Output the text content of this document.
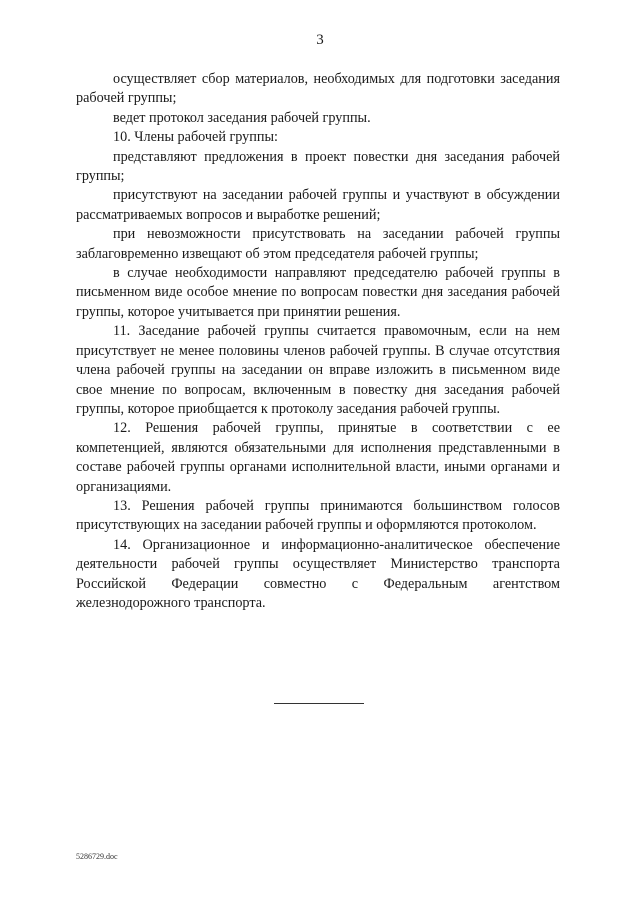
3

осуществляет сбор материалов, необходимых для подготовки заседания рабочей группы;

ведет протокол заседания рабочей группы.

10. Члены рабочей группы:

представляют предложения в проект повестки дня заседания рабочей группы;

присутствуют на заседании рабочей группы и участвуют в обсуждении рассматриваемых вопросов и выработке решений;

при невозможности присутствовать на заседании рабочей группы заблаговременно извещают об этом председателя рабочей группы;

в случае необходимости направляют председателю рабочей группы в письменном виде особое мнение по вопросам повестки дня заседания рабочей группы, которое учитывается при принятии решения.

11. Заседание рабочей группы считается правомочным, если на нем присутствует не менее половины членов рабочей группы. В случае отсутствия члена рабочей группы на заседании он вправе изложить в письменном виде свое мнение по вопросам, включенным в повестку дня заседания рабочей группы, которое приобщается к протоколу заседания рабочей группы.

12. Решения рабочей группы, принятые в соответствии с ее компетенцией, являются обязательными для исполнения представленными в составе рабочей группы органами исполнительной власти, иными органами и организациями.

13. Решения рабочей группы принимаются большинством голосов присутствующих на заседании рабочей группы и оформляются протоколом.

14. Организационное и информационно-аналитическое обеспечение деятельности рабочей группы осуществляет Министерство транспорта Российской Федерации совместно с Федеральным агентством железнодорожного транспорта.

5286729.doc
